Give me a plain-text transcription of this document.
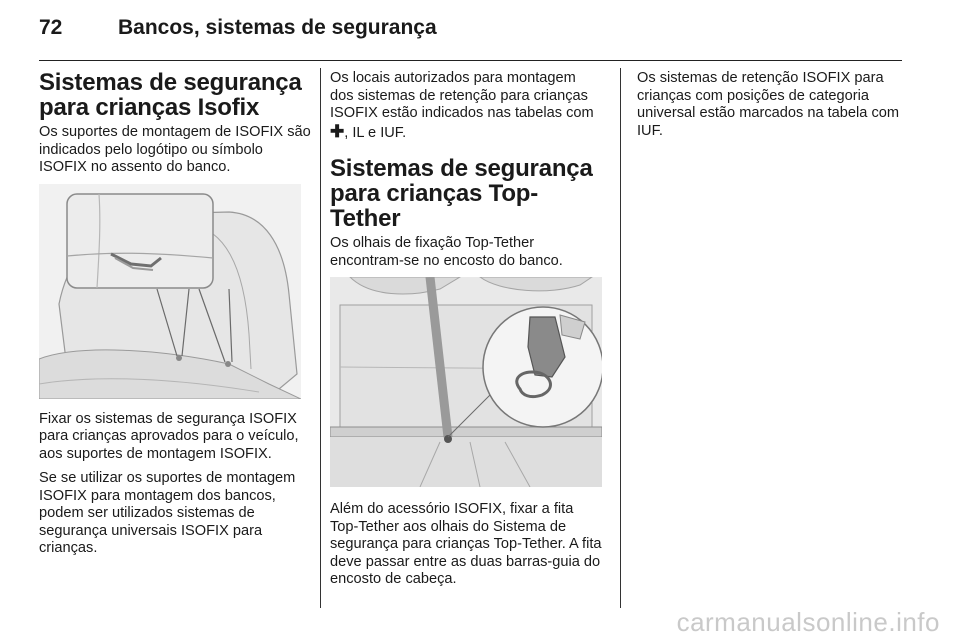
72	Bancos, sistemas de segurança
Sistemas de segurança
para crianças Isofix

Os suportes de montagem de ISOFIX são indicados pelo logótipo ou símbolo ISOFIX no assento do banco.

Fixar os sistemas de segurança ISOFIX para crianças aprovados para o veículo, aos suportes de montagem ISOFIX.

Se se utilizar os suportes de montagem ISOFIX para montagem dos bancos, podem ser utilizados sistemas de segurança universais ISOFIX para crianças.

Os locais autorizados para montagem dos sistemas de retenção para crianças ISOFIX estão indicados nas tabelas com ✚, IL e IUF.

Sistemas de segurança
para crianças Top-Tether

Os olhais de fixação Top-Tether encontram-se no encosto do banco.

Além do acessório ISOFIX, fixar a fita Top-Tether aos olhais do Sistema de segurança para crianças Top-Tether. A fita deve passar entre as duas barras-guia do encosto de cabeça.

Os sistemas de retenção ISOFIX para crianças com posições de categoria universal estão marcados na tabela com IUF.

carmanualsonline.info
